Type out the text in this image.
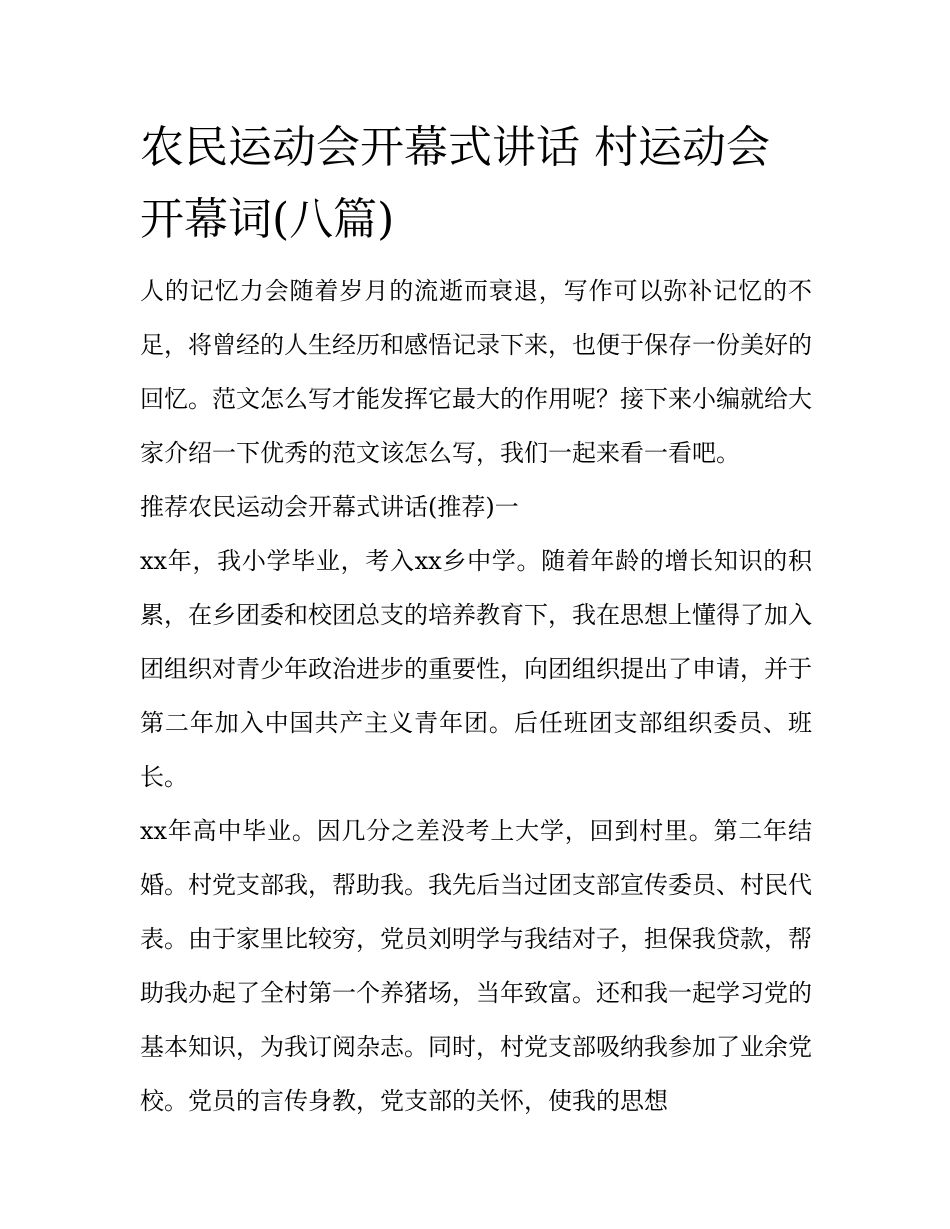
农民运动会开幕式讲话 村运动会开幕词(八篇)

人的记忆力会随着岁月的流逝而衰退，写作可以弥补记忆的不足，将曾经的人生经历和感悟记录下来，也便于保存一份美好的回忆。范文怎么写才能发挥它最大的作用呢？接下来小编就给大家介绍一下优秀的范文该怎么写，我们一起来看一看吧。

推荐农民运动会开幕式讲话(推荐)一

xx年，我小学毕业，考入xx乡中学。随着年龄的增长知识的积累，在乡团委和校团总支的培养教育下，我在思想上懂得了加入团组织对青少年政治进步的重要性，向团组织提出了申请，并于第二年加入中国共产主义青年团。后任班团支部组织委员、班长。

xx年高中毕业。因几分之差没考上大学，回到村里。第二年结婚。村党支部我，帮助我。我先后当过团支部宣传委员、村民代表。由于家里比较穷，党员刘明学与我结对子，担保我贷款，帮助我办起了全村第一个养猪场，当年致富。还和我一起学习党的基本知识，为我订阅杂志。同时，村党支部吸纳我参加了业余党校。党员的言传身教，党支部的关怀，使我的思想
